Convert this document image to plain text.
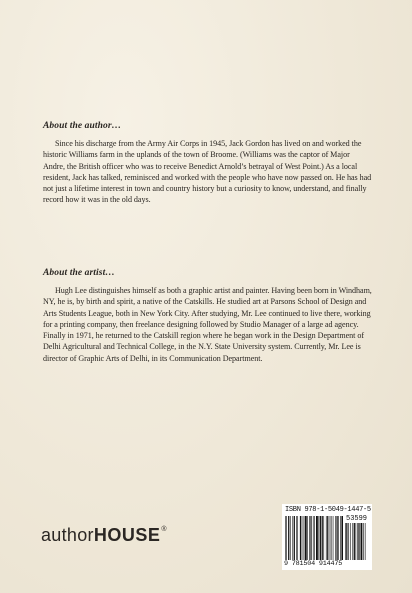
About the author…

Since his discharge from the Army Air Corps in 1945, Jack Gordon has lived on and worked the historic Williams farm in the uplands of the town of Broome. (Williams was the captor of Major Andre, the British officer who was to receive Benedict Arnold’s betrayal of West Point.) As a local resident, Jack has talked, reminisced and worked with the people who have now passed on. He has had not just a lifetime interest in town and country history but a curiosity to know, understand, and finally record how it was in the old days.

About the artist…

Hugh Lee distinguishes himself as both a graphic artist and painter. Having been born in Windham, NY, he is, by birth and spirit, a native of the Catskills. He studied art at Parsons School of Design and Arts Students League, both in New York City. After studying, Mr. Lee continued to live there, working for a printing company, then freelance designing followed by Studio Manager of a large ad agency. Finally in 1971, he returned to the Catskill region where he began work in the Design Department of Delhi Agricultural and Technical College, in the N.Y. State University system. Currently, Mr. Lee is director of Graphic Arts of Delhi, in its Communication Department.

authorHOUSE®
ISBN 978-1-5049-1447-5
53599
9 781504 914475
